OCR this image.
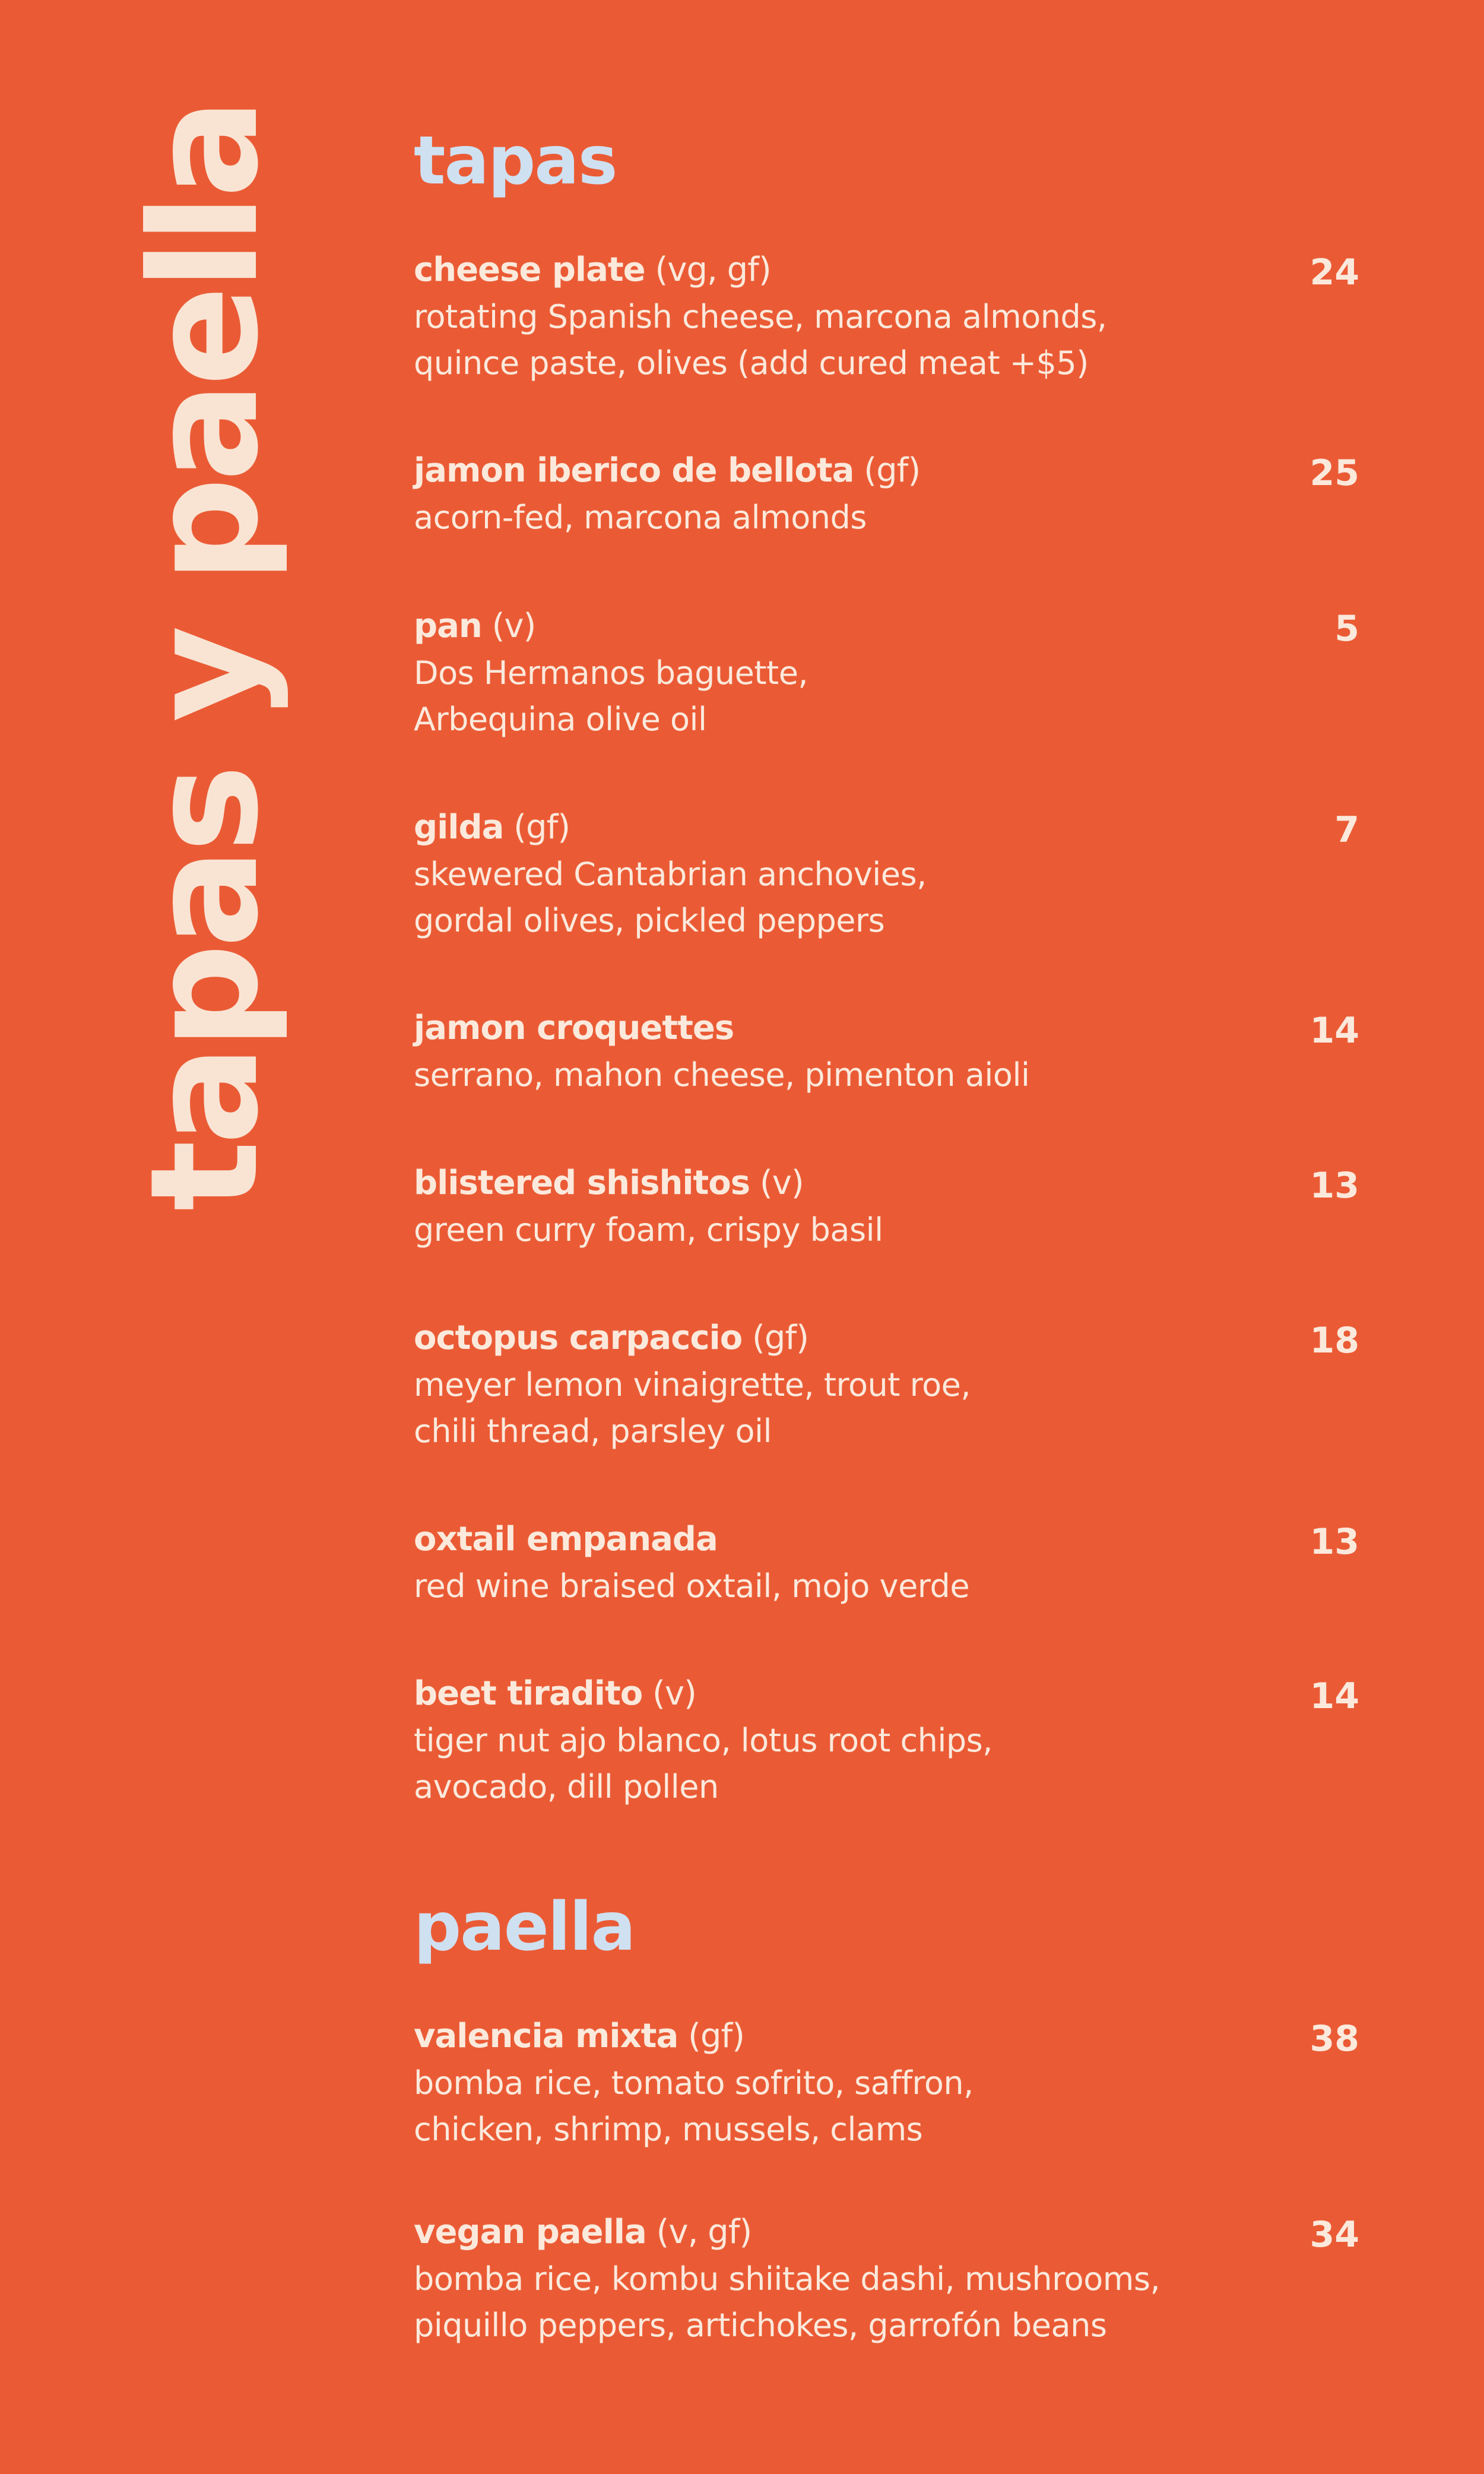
tapas y paella tapas
cheese plate (vg, gf)
rotating Spanish cheese, marcona almonds,
quince paste, olives (add cured meat +$5)
24
jamon iberico de bellota (gf)
acorn-fed, marcona almonds
25
pan (v)
Dos Hermanos baguette,
Arbequina olive oil
5
gilda (gf)
skewered Cantabrian anchovies,
gordal olives, pickled peppers
7
jamon croquettes
serrano, mahon cheese, pimenton aioli
14
blistered shishitos (v)
green curry foam, crispy basil
13
octopus carpaccio (gf)
meyer lemon vinaigrette, trout roe,
chili thread, parsley oil
18
oxtail empanada
red wine braised oxtail, mojo verde
13
beet tiradito (v)
tiger nut ajo blanco, lotus root chips,
avocado, dill pollen
14
paella
valencia mixta (gf)
bomba rice, tomato sofrito, saffron,
chicken, shrimp, mussels, clams
38
vegan paella (v, gf)
bomba rice, kombu shiitake dashi, mushrooms,
piquillo peppers, artichokes, garrofón beans
34
